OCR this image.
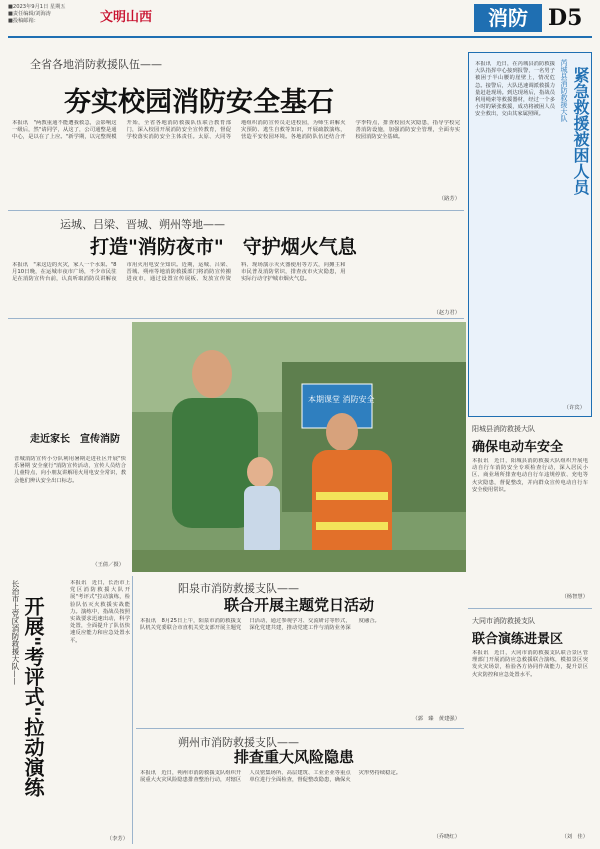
■2023年9月1日 星期五
■责任编辑/刘海涛
■投稿邮箱：	文明山西	消防 D5
全省各地消防救援队伍——
夯实校园消防安全基石
本报讯　"两教重通不能遭我救急，会影响这一级后，然"请同学，从这了，公司通整是通中心，是以在了上应。"新学期，以完整规模开始，全省各地消防救援队伍联合教育部门，深入校园开展消防安全宣传教育，督促学校落实消防安全主体责任。太原、大同等地组织消防宣传员走进校园，为师生讲解火灾预防、逃生自救等知识，开展疏散演练，营造平安校园环境。各地消防队伍还结合开学季特点，排查校园火灾隐患，指导学校完善消防设施，加强消防安全管理，全面夯实校园消防安全基础。
（路芳）
运城、吕梁、晋城、朔州等地——
打造"消防夜市"　守护烟火气息
本报讯　"来这边的火灾，家人一个水果。"8月10日晚，在运城市夜市广场，不少市民驻足在消防宣传台前，认真听取消防员讲解夜市用火用电安全知识。近期，运城、吕梁、晋城、朔州等地消防救援部门将消防宣传搬进夜市，通过设置宣传展板、发放宣传资料、现场演示灭火器使用等方式，向摊主和市民普及消防常识，排查夜市火灾隐患，用实际行动守护城市烟火气息。
（赵力君）
走近家长　宣传消防
晋城消防宣传小分队利用暑期走进社区开展"快乐暑期 安全童行"消防宣传活动，宣传人员结合儿童特点，向小朋友讲解用火用电安全常识，教会他们辨认安全出口标志。
（王倩／摄）
本期课堂 消防安全
芮城县消防救援大队 紧急救援被困人员
本报讯　近日，在芮城县消防救援大队指挥中心接到报警，一名男子被困于半山腰的崖壁上，情况危急。接警后，大队迅速调派救援力量赶赴现场。到达现场后，指战员利用绳索等救援器材，经过一个多小时的紧张救援，成功将被困人员安全救出，交由其家属照顾。
（许宾）
阳城县消防救援大队
确保电动车安全
本报讯　近日，阳城县消防救援大队组织开展电动自行车消防安全专项检查行动，深入居民小区、商业场所排查电动自行车违规停放、充电等火灾隐患，督促整改，并向群众宣传电动自行车安全使用常识。
（杨智慧）
大同市消防救援支队
联合演练进景区
本报讯　近日，大同市消防救援支队联合景区管理部门开展消防应急救援联合演练，模拟景区突发火灾场景，检验各方协同作战能力，提升景区火灾防控和应急处置水平。
（刘　佳）
长治市上党区消防救援大队—— 开展"考评式"拉动演练
本报讯　近日，长治市上党区消防救援大队开展"考评式"拉动演练，检验队伍灭火救援实战能力。演练中，指战员按照实战要求迅速出动，科学处置，全面提升了队伍快速反应能力和应急处置水平。
（李芳）
阳泉市消防救援支队——
联合开展主题党日活动
本报讯　8月25日上午，阳泉市消防救援支队机关党委联合市直机关党支部开展主题党日活动，通过参观学习、交流研讨等形式，深化党建共建，推动党建工作与消防业务深度融合。
（郭　臻　黄建强）
朔州市消防救援支队——
排查重大风险隐患
本报讯　近日，朔州市消防救援支队组织开展重大火灾风险隐患排查整治行动，对辖区人员密集场所、高层建筑、工业企业等重点单位进行全面检查，督促整改隐患，确保火灾形势持续稳定。
（乔晓红）
